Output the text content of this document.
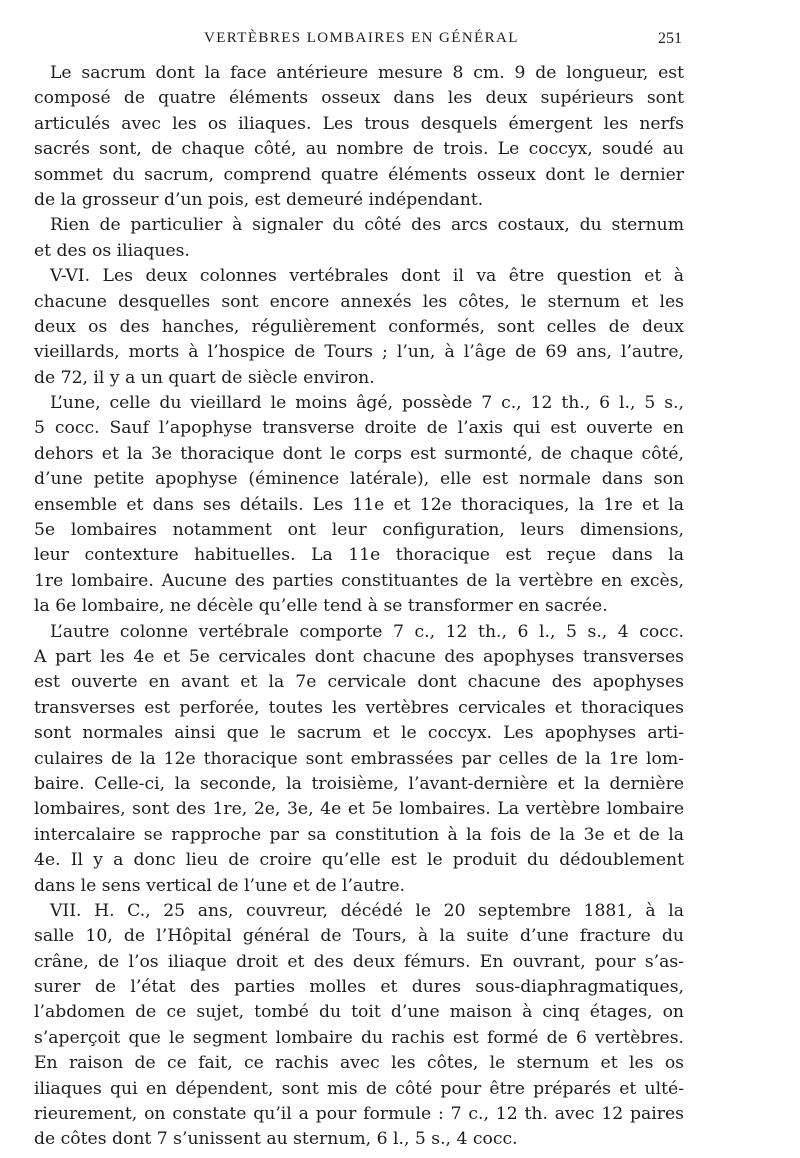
VERTÈBRES LOMBAIRES EN GÉNÉRAL	251
Le sacrum dont la face antérieure mesure 8 cm. 9 de longueur, est
composé de quatre éléments osseux dans les deux supérieurs sont
articulés avec les os iliaques. Les trous desquels émergent les nerfs
sacrés sont, de chaque côté, au nombre de trois. Le coccyx, soudé au
sommet du sacrum, comprend quatre éléments osseux dont le dernier
de la grosseur d’un pois, est demeuré indépendant.
Rien de particulier à signaler du côté des arcs costaux, du sternum
et des os iliaques.
V-VI. Les deux colonnes vertébrales dont il va être question et à
chacune desquelles sont encore annexés les côtes, le sternum et les
deux os des hanches, régulièrement conformés, sont celles de deux
vieillards, morts à l’hospice de Tours ; l’un, à l’âge de 69 ans, l’autre,
de 72, il y a un quart de siècle environ.
L’une, celle du vieillard le moins âgé, possède 7 c., 12 th., 6 l., 5 s.,
5 cocc. Sauf l’apophyse transverse droite de l’axis qui est ouverte en
dehors et la 3e thoracique dont le corps est surmonté, de chaque côté,
d’une petite apophyse (éminence latérale), elle est normale dans son
ensemble et dans ses détails. Les 11e et 12e thoraciques, la 1re et la
5e lombaires notamment ont leur configuration, leurs dimensions,
leur contexture habituelles. La 11e thoracique est reçue dans la
1re lombaire. Aucune des parties constituantes de la vertèbre en excès,
la 6e lombaire, ne décèle qu’elle tend à se transformer en sacrée.
L’autre colonne vertébrale comporte 7 c., 12 th., 6 l., 5 s., 4 cocc.
A part les 4e et 5e cervicales dont chacune des apophyses transverses
est ouverte en avant et la 7e cervicale dont chacune des apophyses
transverses est perforée, toutes les vertèbres cervicales et thoraciques
sont normales ainsi que le sacrum et le coccyx. Les apophyses arti-
culaires de la 12e thoracique sont embrassées par celles de la 1re lom-
baire. Celle-ci, la seconde, la troisième, l’avant-dernière et la dernière
lombaires, sont des 1re, 2e, 3e, 4e et 5e lombaires. La vertèbre lombaire
intercalaire se rapproche par sa constitution à la fois de la 3e et de la
4e. Il y a donc lieu de croire qu’elle est le produit du dédoublement
dans le sens vertical de l’une et de l’autre.
VII. H. C., 25 ans, couvreur, décédé le 20 septembre 1881, à la
salle 10, de l’Hôpital général de Tours, à la suite d’une fracture du
crâne, de l’os iliaque droit et des deux fémurs. En ouvrant, pour s’as-
surer de l’état des parties molles et dures sous-diaphragmatiques,
l’abdomen de ce sujet, tombé du toit d’une maison à cinq étages, on
s’aperçoit que le segment lombaire du rachis est formé de 6 vertèbres.
En raison de ce fait, ce rachis avec les côtes, le sternum et les os
iliaques qui en dépendent, sont mis de côté pour être préparés et ulté-
rieurement, on constate qu’il a pour formule : 7 c., 12 th. avec 12 paires
de côtes dont 7 s’unissent au sternum, 6 l., 5 s., 4 cocc.
